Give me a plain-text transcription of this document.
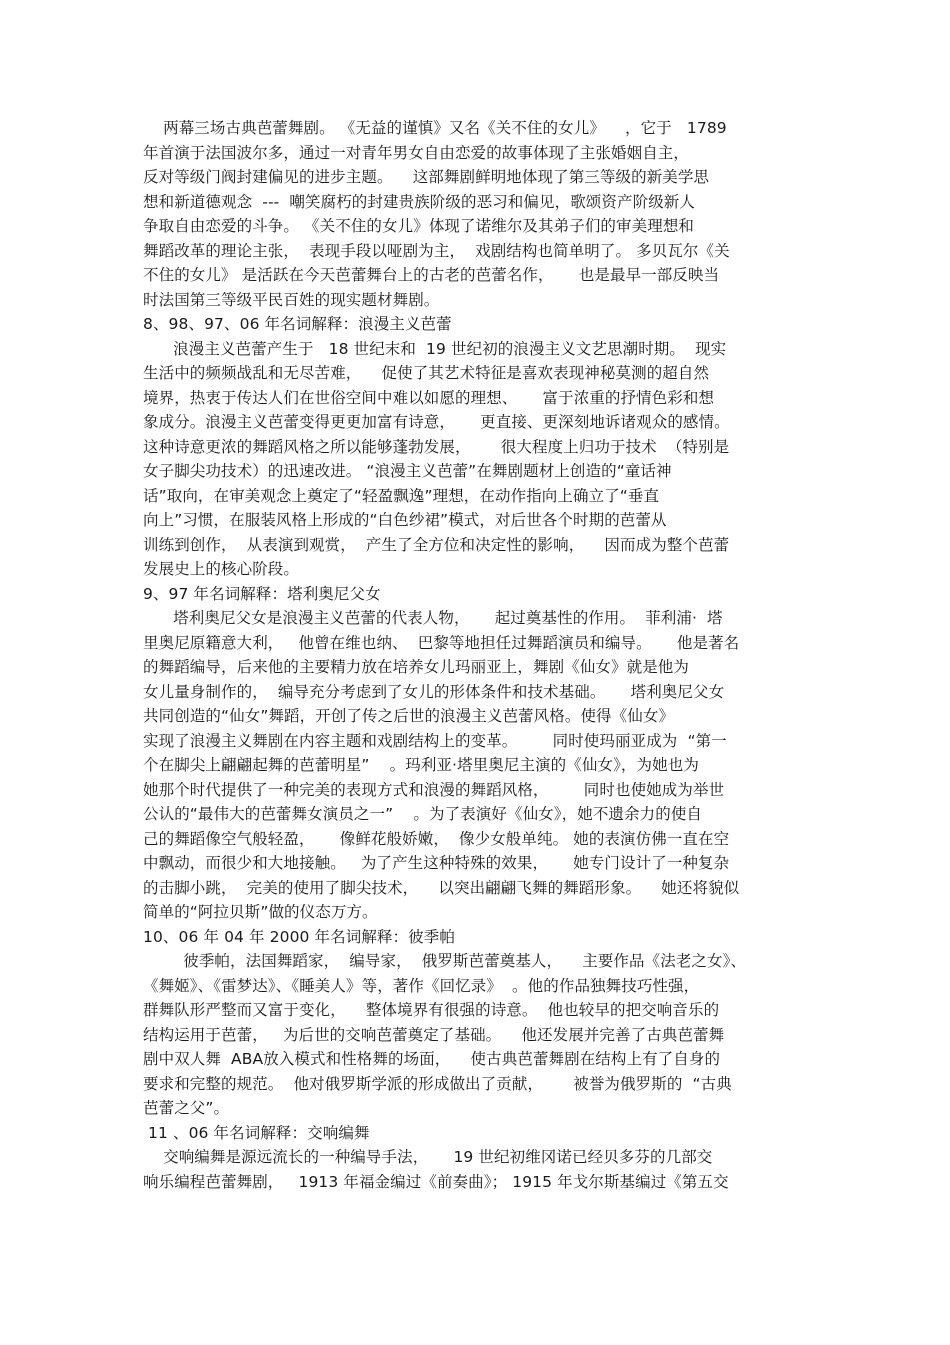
两幕三场古典芭蕾舞剧。 《无益的谨慎》又名《关不住的女儿》    ，它于   1789
年首演于法国波尔多，通过一对青年男女自由恋爱的故事体现了主张婚姻自主，
反对等级门阀封建偏见的进步主题。    这部舞剧鲜明地体现了第三等级的新美学思
想和新道德观念  ---  嘲笑腐朽的封建贵族阶级的恶习和偏见，歌颂资产阶级新人
争取自由恋爱的斗争。 《关不住的女儿》体现了诺维尔及其弟子们的审美理想和
舞蹈改革的理论主张，  表现手段以哑剧为主，  戏剧结构也简单明了。 多贝瓦尔《关
不住的女儿》 是活跃在今天芭蕾舞台上的古老的芭蕾名作，     也是最早一部反映当
时法国第三等级平民百姓的现实题材舞剧。
8、98、97、06 年名词解释：浪漫主义芭蕾
浪漫主义芭蕾产生于   18 世纪末和  19 世纪初的浪漫主义文艺思潮时期。  现实
生活中的频频战乱和无尽苦难，    促使了其艺术特征是喜欢表现神秘莫测的超自然
境界，热衷于传达人们在世俗空间中难以如愿的理想、     富于浓重的抒情色彩和想
象成分。浪漫主义芭蕾变得更更加富有诗意，     更直接、更深刻地诉诸观众的感情。
这种诗意更浓的舞蹈风格之所以能够蓬勃发展，      很大程度上归功于技术  （特别是
女子脚尖功技术）的迅速改进。 “浪漫主义芭蕾”在舞剧题材上创造的“童话神
话”取向，在审美观念上奠定了“轻盈飘逸”理想，在动作指向上确立了“垂直
向上”习惯，在服装风格上形成的“白色纱裙”模式，对后世各个时期的芭蕾从
训练到创作，  从表演到观赏，  产生了全方位和决定性的影响，    因而成为整个芭蕾
发展史上的核心阶段。
9、97 年名词解释：塔利奥尼父女
塔利奥尼父女是浪漫主义芭蕾的代表人物，     起过奠基性的作用。  菲利浦·  塔
里奥尼原籍意大利，   他曾在维也纳、  巴黎等地担任过舞蹈演员和编导。     他是著名
的舞蹈编导，后来他的主要精力放在培养女儿玛丽亚上，舞剧《仙女》就是他为
女儿量身制作的，  编导充分考虑到了女儿的形体条件和技术基础。     塔利奥尼父女
共同创造的“仙女”舞蹈，开创了传之后世的浪漫主义芭蕾风格。使得《仙女》
实现了浪漫主义舞剧在内容主题和戏剧结构上的变革。       同时使玛丽亚成为  “第一
个在脚尖上翩翩起舞的芭蕾明星”    。玛利亚·塔里奥尼主演的《仙女》，为她也为
她那个时代提供了一种完美的表现方式和浪漫的舞蹈风格，       同时也使她成为举世
公认的“最伟大的芭蕾舞女演员之一”    。为了表演好《仙女》，她不遗余力的使自
己的舞蹈像空气般轻盈，     像鲜花般娇嫩，  像少女般单纯。 她的表演仿佛一直在空
中飘动，而很少和大地接触。   为了产生这种特殊的效果，     她专门设计了一种复杂
的击脚小跳，  完美的使用了脚尖技术，    以突出翩翩飞舞的舞蹈形象。    她还将貌似
简单的“阿拉贝斯”做的仪态万方。
10、06 年 04 年 2000 年名词解释：彼季帕
彼季帕，法国舞蹈家，  编导家，  俄罗斯芭蕾奠基人，    主要作品《法老之女》、
《舞姬》、《雷梦达》、《睡美人》等，著作《回忆录》  。他的作品独舞技巧性强，
群舞队形严整而又富于变化，    整体境界有很强的诗意。  他也较早的把交响音乐的
结构运用于芭蕾，   为后世的交响芭蕾奠定了基础。    他还发展并完善了古典芭蕾舞
剧中双人舞  ABA放入模式和性格舞的场面，    使古典芭蕾舞剧在结构上有了自身的
要求和完整的规范。  他对俄罗斯学派的形成做出了贡献，      被誉为俄罗斯的  “古典
芭蕾之父”。
11 、06 年名词解释：交响编舞
交响编舞是源远流长的一种编导手法，     19 世纪初维冈诺已经贝多芬的几部交
响乐编程芭蕾舞剧，   1913 年福金编过《前奏曲》； 1915 年戈尔斯基编过《第五交
